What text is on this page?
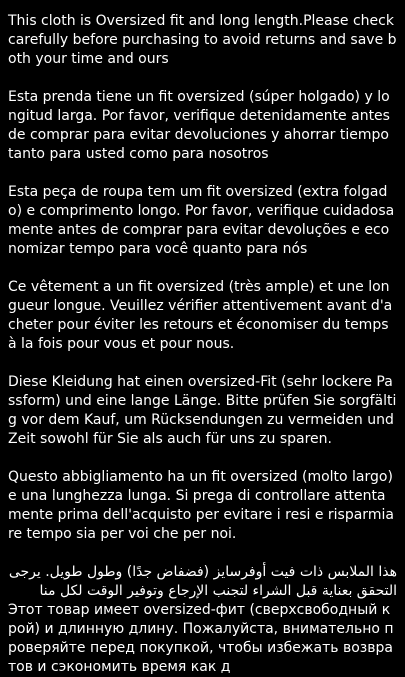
This cloth is Oversized fit and long length.Please check carefully before purchasing to avoid returns and save both your time and ours

Esta prenda tiene un fit oversized (súper holgado) y longitud larga. Por favor, verifique detenidamente antes de comprar para evitar devoluciones y ahorrar tiempo tanto para usted como para nosotros

Esta peça de roupa tem um fit oversized (extra folgado) e comprimento longo. Por favor, verifique cuidadosamente antes de comprar para evitar devoluções e economizar tempo para você quanto para nós

Ce vêtement a un fit oversized (très ample) et une longueur longue. Veuillez vérifier attentivement avant d'acheter pour éviter les retours et économiser du temps à la fois pour vous et pour nous.

Diese Kleidung hat einen oversized-Fit (sehr lockere Passform) und eine lange Länge. Bitte prüfen Sie sorgfältig vor dem Kauf, um Rücksendungen zu vermeiden und Zeit sowohl für Sie als auch für uns zu sparen.

Questo abbigliamento ha un fit oversized (molto largo) e una lunghezza lunga. Si prega di controllare attentamente prima dell'acquisto per evitare i resi e risparmiare tempo sia per voi che per noi.

هذا الملابس ذات فيت أوفرسايز (فضفاض جدًا) وطول طويل. يرجى التحقق بعناية قبل الشراء لتجنب الإرجاع وتوفير الوقت لكل منا

Этот товар имеет oversized-фит (сверхсвободный крой) и длинную длину. Пожалуйста, внимательно проверяйте перед покупкой, чтобы избежать возвратов и сэкономить время как д
